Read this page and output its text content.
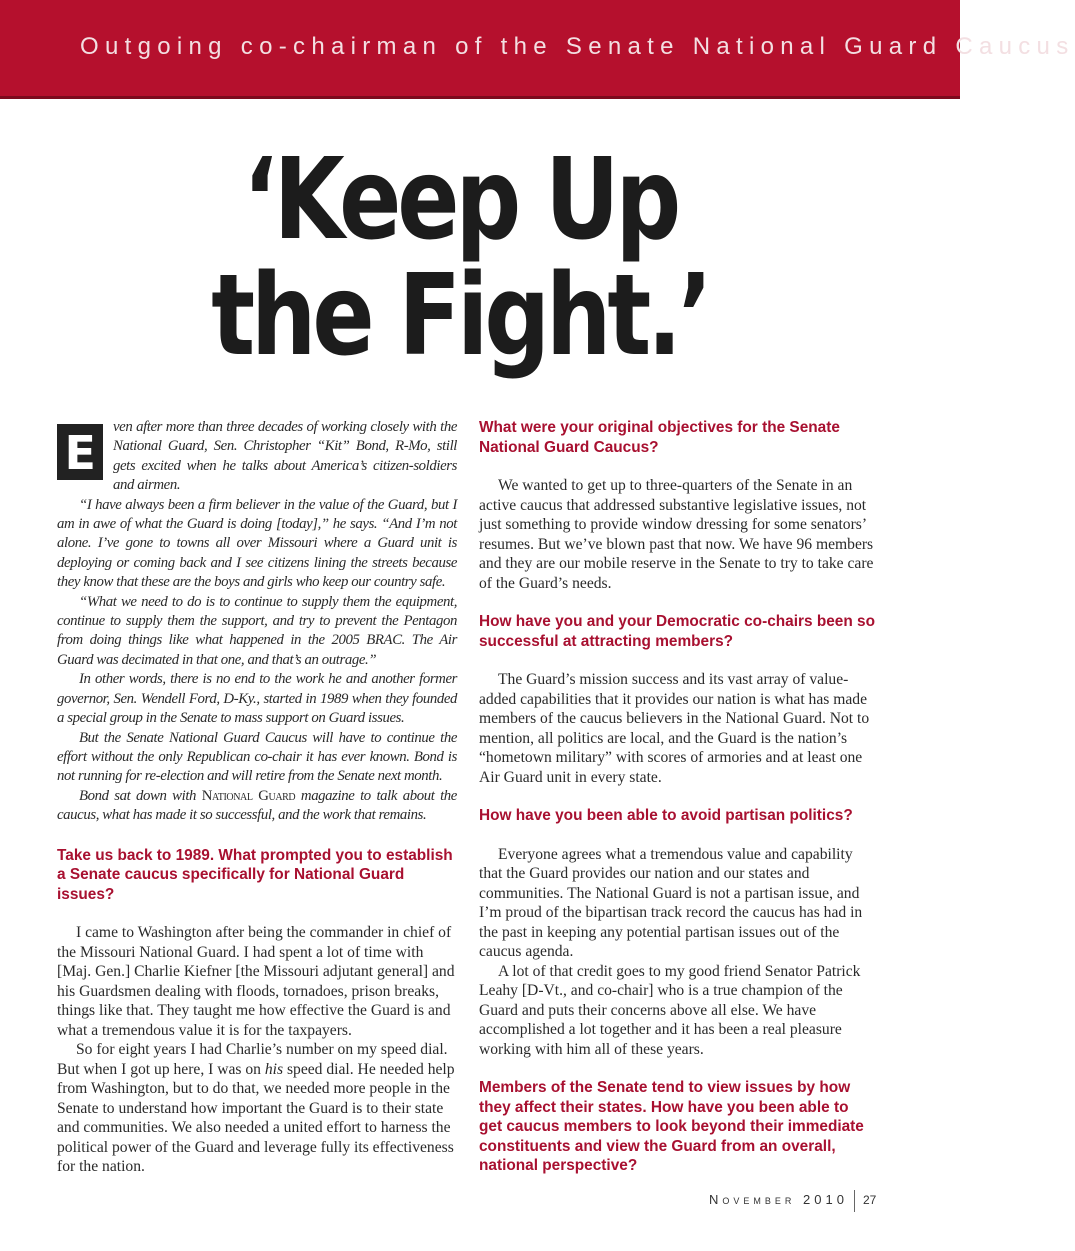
Outgoing co-chairman of the Senate National Guard Caucus
‘Keep Up
the Fight.’

E	ven after more than three decades of working closely with the National Guard, Sen. Christopher “Kit” Bond, R-Mo, still gets excited when he talks about America’s citizen-soldiers and airmen.

“I have always been a firm believer in the value of the Guard, but I am in awe of what the Guard is doing [today],” he says. “And I’m not alone. I’ve gone to towns all over Missouri where a Guard unit is deploying or coming back and I see citizens lining the streets because they know that these are the boys and girls who keep our country safe.

“What we need to do is to continue to supply them the equipment, continue to supply them the support, and try to prevent the Pentagon from doing things like what happened in the 2005 BRAC. The Air Guard was decimated in that one, and that’s an outrage.”

In other words, there is no end to the work he and another former governor, Sen. Wendell Ford, D-Ky., started in 1989 when they founded a special group in the Senate to mass support on Guard issues.

But the Senate National Guard Caucus will have to continue the effort without the only Republican co-chair it has ever known. Bond is not running for re-election and will retire from the Senate next month.

Bond sat down with National Guard magazine to talk about the caucus, what has made it so successful, and the work that remains.

Take us back to 1989. What prompted you to establish a Senate caucus specifically for National Guard issues?

I came to Washington after being the commander in chief of the Missouri National Guard. I had spent a lot of time with [Maj. Gen.] Charlie Kiefner [the Missouri adjutant general] and his Guardsmen dealing with floods, tornadoes, prison breaks, things like that. They taught me how effective the Guard is and what a tremendous value it is for the taxpayers.

So for eight years I had Charlie’s number on my speed dial. But when I got up here, I was on his speed dial. He needed help from Washington, but to do that, we needed more people in the Senate to understand how important the Guard is to their state and communities. We also needed a united effort to harness the political power of the Guard and leverage fully its effectiveness for the nation.

What were your original objectives for the Senate National Guard Caucus?

We wanted to get up to three-quarters of the Senate in an active caucus that addressed substantive legislative issues, not just something to provide window dressing for some senators’ resumes. But we’ve blown past that now. We have 96 members and they are our mobile reserve in the Senate to try to take care of the Guard’s needs.

How have you and your Democratic co-chairs been so successful at attracting members?

The Guard’s mission success and its vast array of value-added capabilities that it provides our nation is what has made members of the caucus believers in the National Guard. Not to mention, all politics are local, and the Guard is the nation’s “hometown military” with scores of armories and at least one Air Guard unit in every state.

How have you been able to avoid partisan politics?

Everyone agrees what a tremendous value and capability that the Guard provides our nation and our states and communities. The National Guard is not a partisan issue, and I’m proud of the bipartisan track record the caucus has had in the past in keeping any potential partisan issues out of the caucus agenda.

A lot of that credit goes to my good friend Senator Patrick Leahy [D-Vt., and co-chair] who is a true champion of the Guard and puts their concerns above all else. We have accomplished a lot together and it has been a real pleasure working with him all of these years.

Members of the Senate tend to view issues by how they affect their states. How have you been able to get caucus members to look beyond their immediate constituents and view the Guard from an overall, national perspective?
November 2010 27
